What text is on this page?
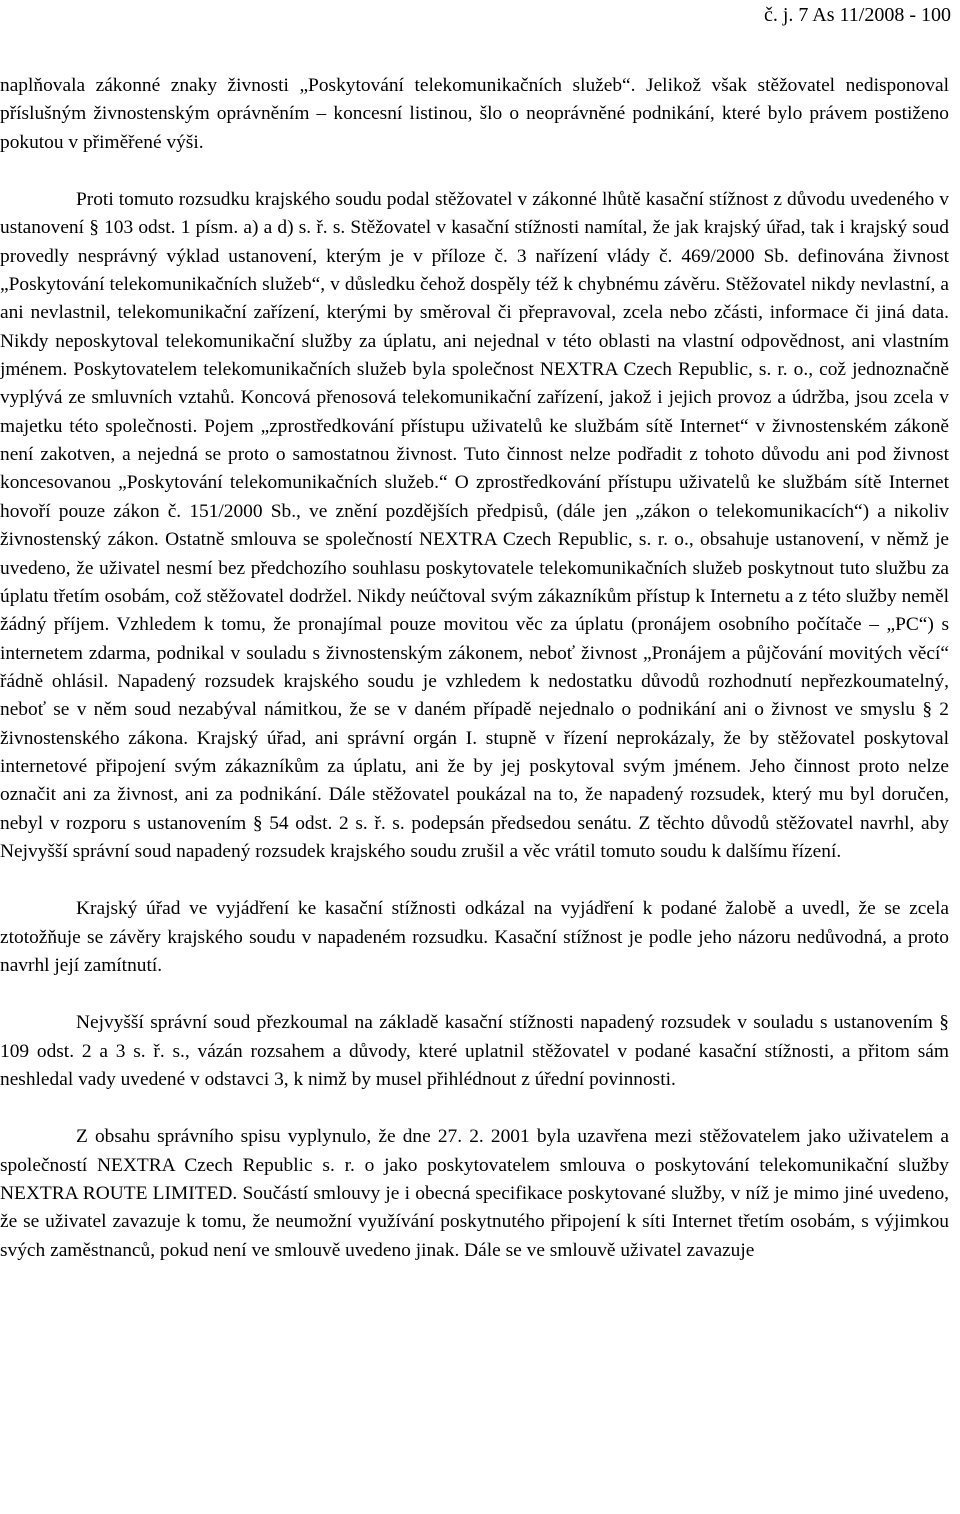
č. j. 7 As 11/2008 - 100

naplňovala zákonné znaky živnosti „Poskytování telekomunikačních služeb“. Jelikož však stěžovatel nedisponoval příslušným živnostenským oprávněním – koncesní listinou, šlo o neoprávněné podnikání, které bylo právem postiženo pokutou v přiměřené výši.

Proti tomuto rozsudku krajského soudu podal stěžovatel v zákonné lhůtě kasační stížnost z důvodu uvedeného v ustanovení § 103 odst. 1 písm. a) a d) s. ř. s. Stěžovatel v kasační stížnosti namítal, že jak krajský úřad, tak i krajský soud provedly nesprávný výklad ustanovení, kterým je v příloze č. 3 nařízení vlády č. 469/2000 Sb. definována živnost „Poskytování telekomunikačních služeb“, v důsledku čehož dospěly též k chybnému závěru. Stěžovatel nikdy nevlastní, a ani nevlastnil, telekomunikační zařízení, kterými by směroval či přepravoval, zcela nebo zčásti, informace či jiná data. Nikdy neposkytoval telekomunikační služby za úplatu, ani nejednal v této oblasti na vlastní odpovědnost, ani vlastním jménem. Poskytovatelem telekomunikačních služeb byla společnost NEXTRA Czech Republic, s. r. o., což jednoznačně vyplývá ze smluvních vztahů. Koncová přenosová telekomunikační zařízení, jakož i jejich provoz a údržba, jsou zcela v majetku této společnosti. Pojem „zprostředkování přístupu uživatelů ke službám sítě Internet“ v živnostenském zákoně není zakotven, a nejedná se proto o samostatnou živnost. Tuto činnost nelze podřadit z tohoto důvodu ani pod živnost koncesovanou „Poskytování telekomunikačních služeb.“ O zprostředkování přístupu uživatelů ke službám sítě Internet hovoří pouze zákon č. 151/2000 Sb., ve znění pozdějších předpisů, (dále jen „zákon o telekomunikacích“) a nikoliv živnostenský zákon. Ostatně smlouva se společností NEXTRA Czech Republic, s. r. o., obsahuje ustanovení, v němž je uvedeno, že uživatel nesmí bez předchozího souhlasu poskytovatele telekomunikačních služeb poskytnout tuto službu za úplatu třetím osobám, což stěžovatel dodržel. Nikdy neúčtoval svým zákazníkům přístup k Internetu a z této služby neměl žádný příjem. Vzhledem k tomu, že pronajímal pouze movitou věc za úplatu (pronájem osobního počítače – „PC“) s internetem zdarma, podnikal v souladu s živnostenským zákonem, neboť živnost „Pronájem a půjčování movitých věcí“ řádně ohlásil. Napadený rozsudek krajského soudu je vzhledem k nedostatku důvodů rozhodnutí nepřezkoumatelný, neboť se v něm soud nezabýval námitkou, že se v daném případě nejednalo o podnikání ani o živnost ve smyslu § 2 živnostenského zákona. Krajský úřad, ani správní orgán I. stupně v řízení neprokázaly, že by stěžovatel poskytoval internetové připojení svým zákazníkům za úplatu, ani že by jej poskytoval svým jménem. Jeho činnost proto nelze označit ani za živnost, ani za podnikání. Dále stěžovatel poukázal na to, že napadený rozsudek, který mu byl doručen, nebyl v rozporu s ustanovením § 54 odst. 2 s. ř. s. podepsán předsedou senátu. Z těchto důvodů stěžovatel navrhl, aby Nejvyšší správní soud napadený rozsudek krajského soudu zrušil a věc vrátil tomuto soudu k dalšímu řízení.

Krajský úřad ve vyjádření ke kasační stížnosti odkázal na vyjádření k podané žalobě a uvedl, že se zcela ztotožňuje se závěry krajského soudu v napadeném rozsudku. Kasační stížnost je podle jeho názoru nedůvodná, a proto navrhl její zamítnutí.

Nejvyšší správní soud přezkoumal na základě kasační stížnosti napadený rozsudek v souladu s ustanovením § 109 odst. 2 a 3 s. ř. s., vázán rozsahem a důvody, které uplatnil stěžovatel v podané kasační stížnosti, a přitom sám neshledal vady uvedené v odstavci 3, k nimž by musel přihlédnout z úřední povinnosti.

Z obsahu správního spisu vyplynulo, že dne 27. 2. 2001 byla uzavřena mezi stěžovatelem jako uživatelem a společností NEXTRA Czech Republic s. r. o jako poskytovatelem smlouva o poskytování telekomunikační služby NEXTRA ROUTE LIMITED. Součástí smlouvy je i obecná specifikace poskytované služby, v níž je mimo jiné uvedeno, že se uživatel zavazuje k tomu, že neumožní využívání poskytnutého připojení k síti Internet třetím osobám, s výjimkou svých zaměstnanců, pokud není ve smlouvě uvedeno jinak. Dále se ve smlouvě uživatel zavazuje
